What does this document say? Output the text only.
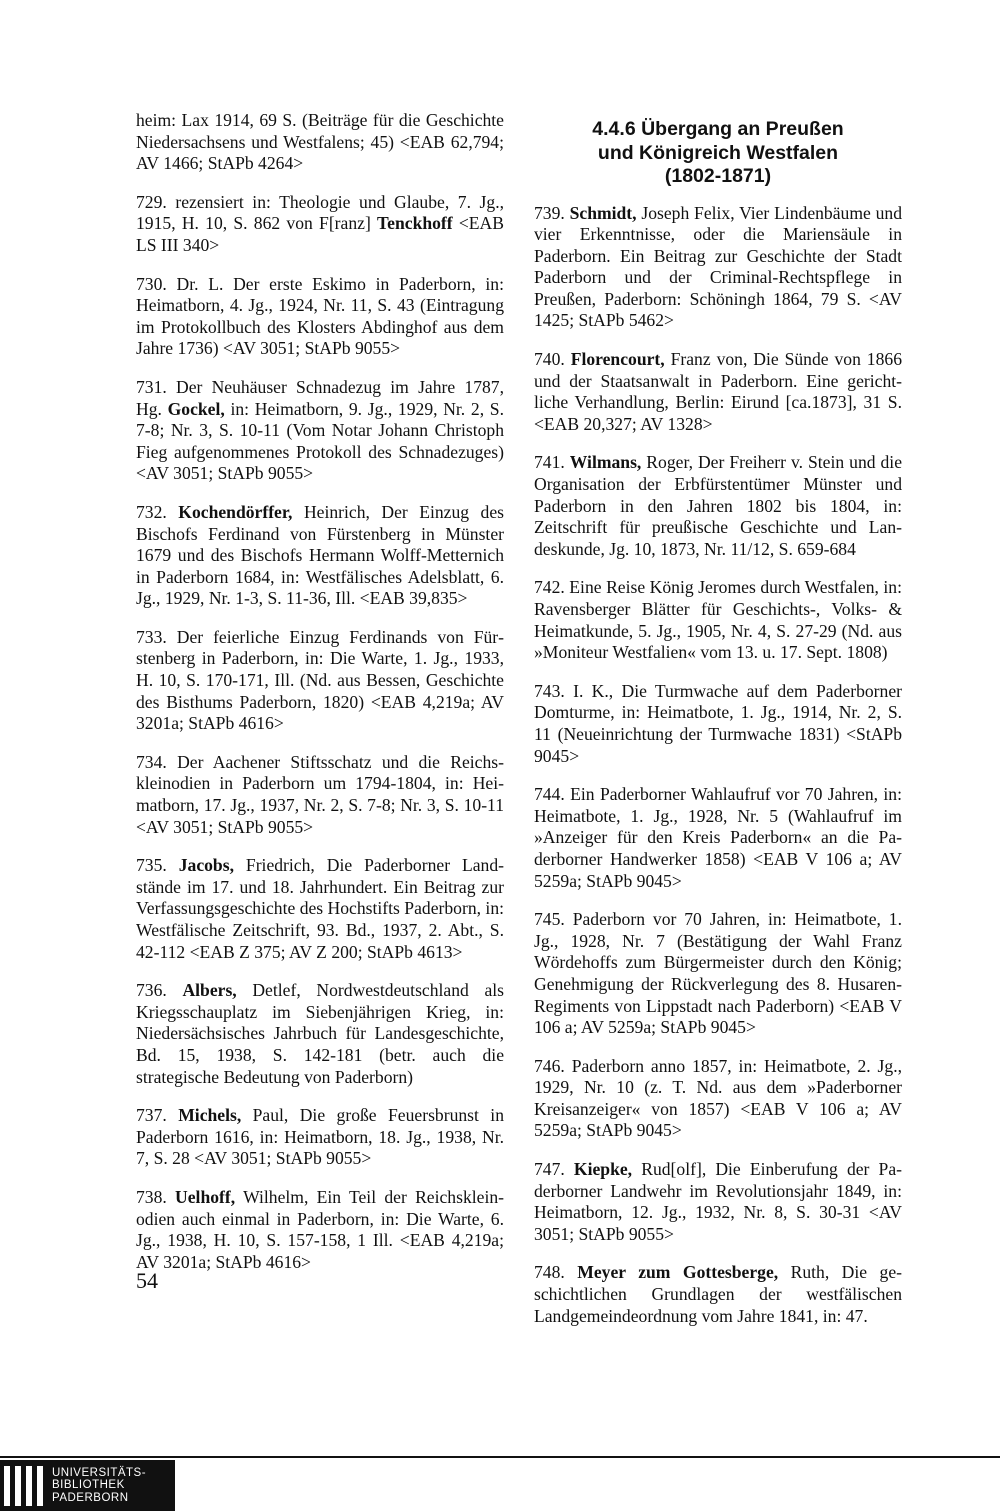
heim: Lax 1914, 69 S. (Beiträge für die Geschichte Niedersachsens und Westfalens; 45) <EAB 62,794; AV 1466; StAPb 4264>

729. rezensiert in: Theologie und Glaube, 7. Jg., 1915, H. 10, S. 862 von F[ranz] Tenckhoff <EAB LS III 340>

730. Dr. L. Der erste Eskimo in Paderborn, in: Heimatborn, 4. Jg., 1924, Nr. 11, S. 43 (Eintragung im Protokollbuch des Klosters Abdinghof aus dem Jahre 1736) <AV 3051; StAPb 9055>

731. Der Neuhäuser Schnadezug im Jahre 1787, Hg. Gockel, in: Heimatborn, 9. Jg., 1929, Nr. 2, S. 7-8; Nr. 3, S. 10-11 (Vom Notar Johann Christoph Fieg aufgenommenes Protokoll des Schnadezuges) <AV 3051; StAPb 9055>

732. Kochendörffer, Heinrich, Der Einzug des Bischofs Ferdinand von Fürstenberg in Münster 1679 und des Bischofs Hermann Wolff-Metternich in Paderborn 1684, in: Westfälisches Adelsblatt, 6. Jg., 1929, Nr. 1-3, S. 11-36, Ill. <EAB 39,835>

733. Der feierliche Einzug Ferdinands von Fürstenberg in Paderborn, in: Die Warte, 1. Jg., 1933, H. 10, S. 170-171, Ill. (Nd. aus Bessen, Geschichte des Bisthums Paderborn, 1820) <EAB 4,219a; AV 3201a; StAPb 4616>

734. Der Aachener Stiftsschatz und die Reichskleinodien in Paderborn um 1794-1804, in: Heimatborn, 17. Jg., 1937, Nr. 2, S. 7-8; Nr. 3, S. 10-11 <AV 3051; StAPb 9055>

735. Jacobs, Friedrich, Die Paderborner Landstände im 17. und 18. Jahrhundert. Ein Beitrag zur Verfassungsgeschichte des Hochstifts Paderborn, in: Westfälische Zeitschrift, 93. Bd., 1937, 2. Abt., S. 42-112 <EAB Z 375; AV Z 200; StAPb 4613>

736. Albers, Detlef, Nordwestdeutschland als Kriegsschauplatz im Siebenjährigen Krieg, in: Niedersächsisches Jahrbuch für Landesgeschichte, Bd. 15, 1938, S. 142-181 (betr. auch die strategische Bedeutung von Paderborn)

737. Michels, Paul, Die große Feuersbrunst in Paderborn 1616, in: Heimatborn, 18. Jg., 1938, Nr. 7, S. 28 <AV 3051; StAPb 9055>

738. Uelhoff, Wilhelm, Ein Teil der Reichskleinodien auch einmal in Paderborn, in: Die Warte, 6. Jg., 1938, H. 10, S. 157-158, 1 Ill. <EAB 4,219a; AV 3201a; StAPb 4616>

4.4.6 Übergang an Preußen
und Königreich Westfalen
(1802-1871)

739. Schmidt, Joseph Felix, Vier Lindenbäume und vier Erkenntnisse, oder die Mariensäule in Paderborn. Ein Beitrag zur Geschichte der Stadt Paderborn und der Criminal-Rechtspflege in Preußen, Paderborn: Schöningh 1864, 79 S. <AV 1425; StAPb 5462>

740. Florencourt, Franz von, Die Sünde von 1866 und der Staatsanwalt in Paderborn. Eine gerichtliche Verhandlung, Berlin: Eirund [ca.1873], 31 S. <EAB 20,327; AV 1328>

741. Wilmans, Roger, Der Freiherr v. Stein und die Organisation der Erbfürstentümer Münster und Paderborn in den Jahren 1802 bis 1804, in: Zeitschrift für preußische Geschichte und Landeskunde, Jg. 10, 1873, Nr. 11/12, S. 659-684

742. Eine Reise König Jeromes durch Westfalen, in: Ravensberger Blätter für Geschichts-, Volks- & Heimatkunde, 5. Jg., 1905, Nr. 4, S. 27-29 (Nd. aus »Moniteur Westfalien« vom 13. u. 17. Sept. 1808)

743. I. K., Die Turmwache auf dem Paderborner Domturme, in: Heimatbote, 1. Jg., 1914, Nr. 2, S. 11 (Neueinrichtung der Turmwache 1831) <StAPb 9045>

744. Ein Paderborner Wahlaufruf vor 70 Jahren, in: Heimatbote, 1. Jg., 1928, Nr. 5 (Wahlaufruf im »Anzeiger für den Kreis Paderborn« an die Paderborner Handwerker 1858) <EAB V 106 a; AV 5259a; StAPb 9045>

745. Paderborn vor 70 Jahren, in: Heimatbote, 1. Jg., 1928, Nr. 7 (Bestätigung der Wahl Franz Wördehoffs zum Bürgermeister durch den König; Genehmigung der Rückverlegung des 8. Husaren-Regiments von Lippstadt nach Paderborn) <EAB V 106 a; AV 5259a; StAPb 9045>

746. Paderborn anno 1857, in: Heimatbote, 2. Jg., 1929, Nr. 10 (z. T. Nd. aus dem »Paderborner Kreisanzeiger« von 1857) <EAB V 106 a; AV 5259a; StAPb 9045>

747. Kiepke, Rud[olf], Die Einberufung der Paderborner Landwehr im Revolutionsjahr 1849, in: Heimatborn, 12. Jg., 1932, Nr. 8, S. 30-31 <AV 3051; StAPb 9055>

748. Meyer zum Gottesberge, Ruth, Die geschichtlichen Grundlagen der westfälischen Landgemeindeordnung vom Jahre 1841, in: 47.

54
UNIVERSITÄTS-
BIBLIOTHEK
PADERBORN
